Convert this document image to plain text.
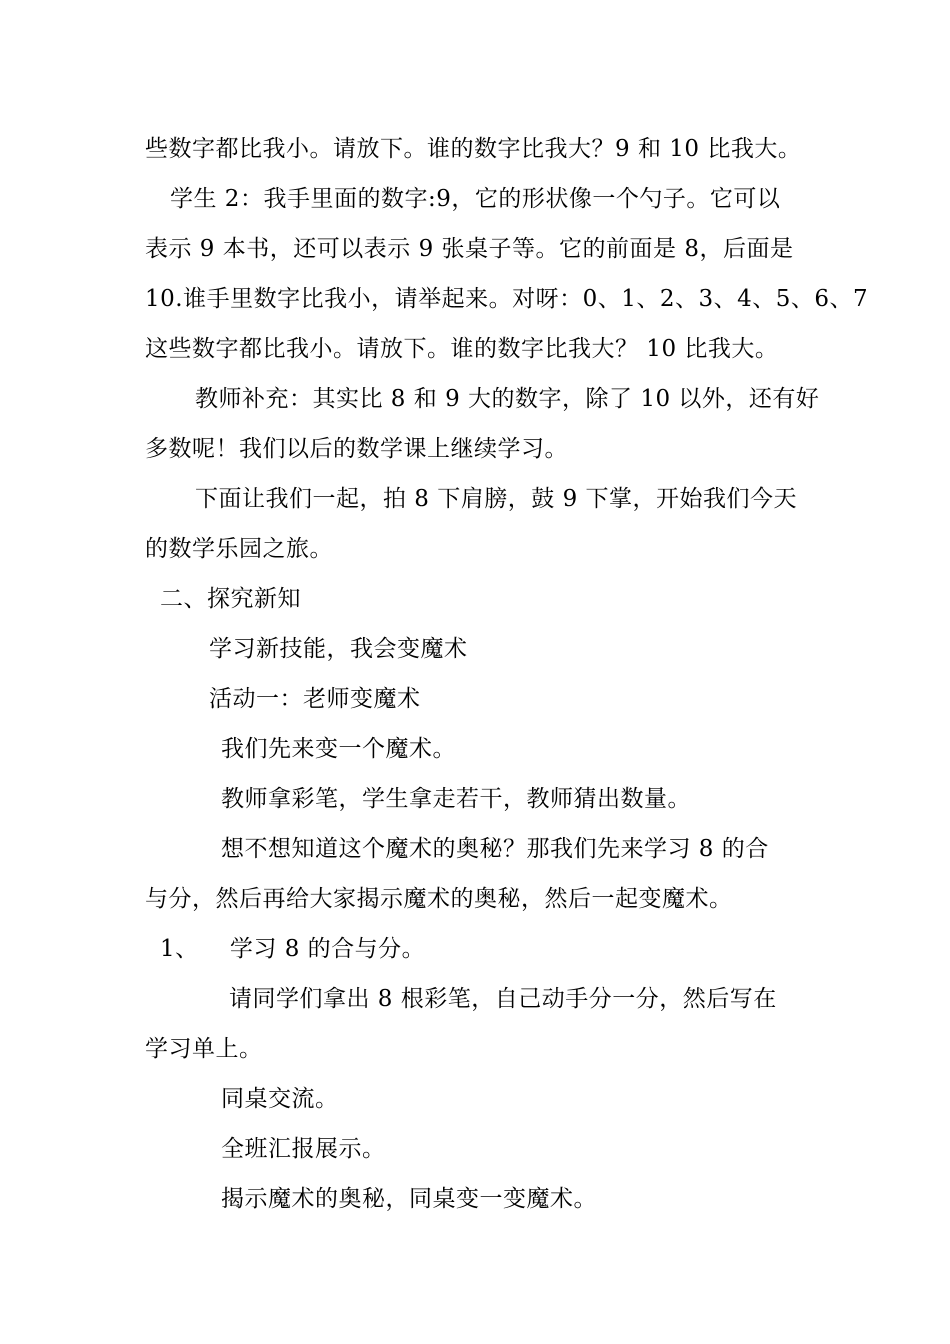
些数字都比我小。请放下。谁的数字比我大？9 和 10 比我大。
学生 2：我手里面的数字:9，它的形状像一个勺子。它可以
表示 9 本书，还可以表示 9 张桌子等。它的前面是 8，后面是
10.谁手里数字比我小，请举起来。对呀：0、1、2、3、4、5、6、7
这些数字都比我小。请放下。谁的数字比我大？ 10 比我大。
教师补充：其实比 8 和 9 大的数字，除了 10 以外，还有好
多数呢！我们以后的数学课上继续学习。
下面让我们一起，拍 8 下肩膀，鼓 9 下掌，开始我们今天
的数学乐园之旅。
二、探究新知
学习新技能，我会变魔术
活动一：老师变魔术
我们先来变一个魔术。
教师拿彩笔，学生拿走若干，教师猜出数量。
想不想知道这个魔术的奥秘？那我们先来学习 8 的合
与分，然后再给大家揭示魔术的奥秘，然后一起变魔术。
1、    学习 8 的合与分。
请同学们拿出 8 根彩笔，自己动手分一分，然后写在
学习单上。
同桌交流。
全班汇报展示。
揭示魔术的奥秘，同桌变一变魔术。
